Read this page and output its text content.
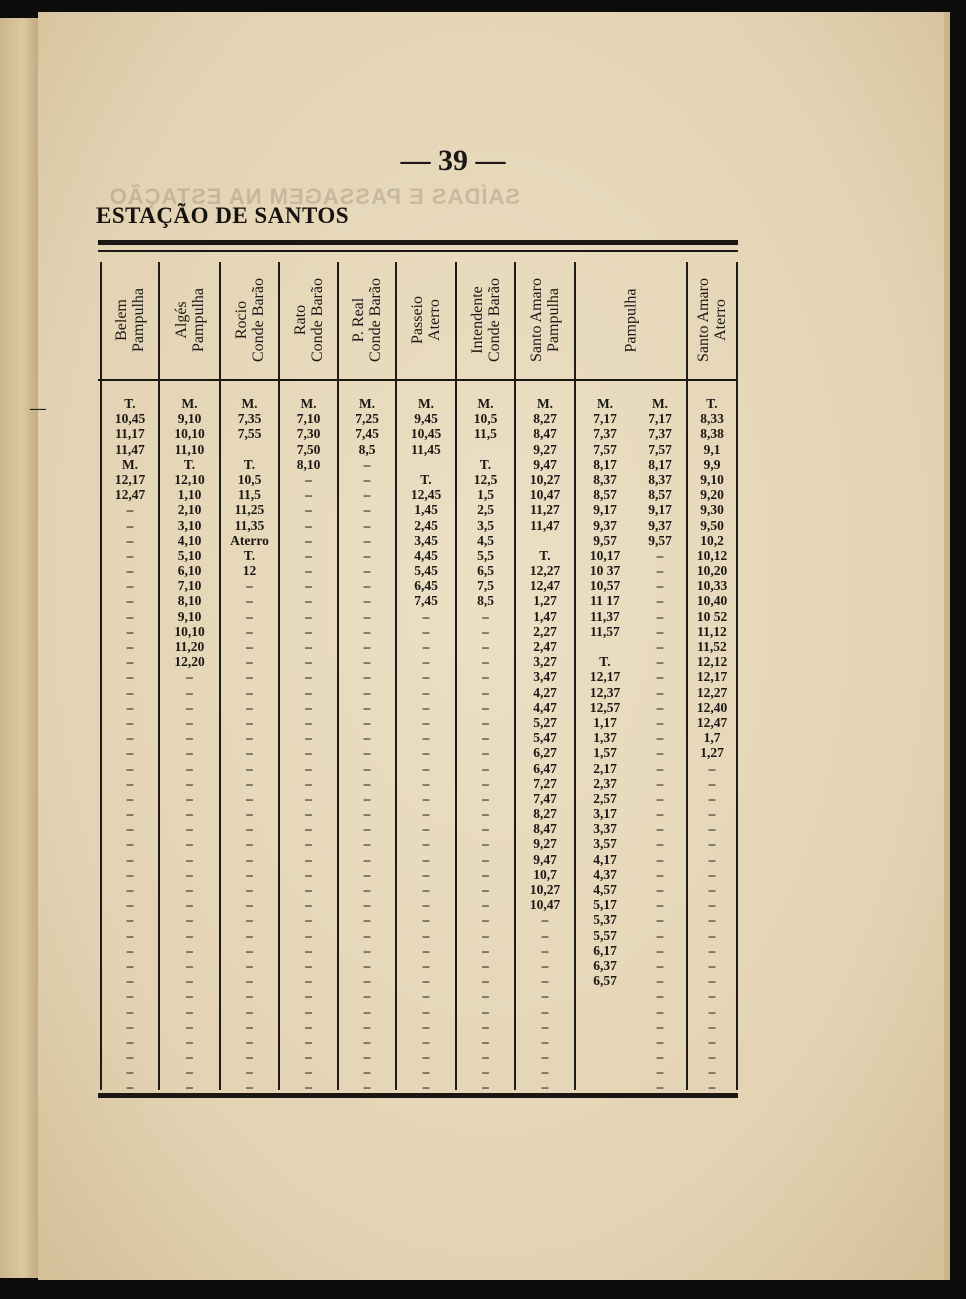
SAÍDAS E PASSAGEM NA ESTAÇÃO
— 39 —
ESTAÇÃO DE SANTOS
—
Belem
Pampulha Algés
Pampulha Rocio
Conde Barão
Rato
Conde Barão
P. Real
Conde Barão Passeio
Aterro Intendente
Conde Barão
Santo Amaro
Pampulha	Pampulha	Santo Amaro
Aterro
T.
10,45
11,17
11,47
M.
12,17
12,47
–
–
–
–
–
–
–
–
–
–
–
–
–
–
–
–
–
–
–
–
–
–
–
–
–
–
–
–
–
–
–
–
–
–
–
–
–
–
–
M.
9,10
10,10
11,10
T.
12,10
1,10
2,10
3,10
4,10
5,10
6,10
7,10
8,10
9,10
10,10
11,20
12,20
–
–
–
–
–
–
–
–
–
–
–
–
–
–
–
–
–
–
–
–
–
–
–
–
–
–
–
–
M.
7,35
7,55
T.
10,5
11,5
11,25
11,35
Aterro
T.
12
–
–
–
–
–
–
–
–
–
–
–
–
–
–
–
–
–
–
–
–
–
–
–
–
–
–
–
–
–
–
–
–
–
–
M.
7,10
7,30
7,50
8,10
–
–
–
–
–
–
–
–
–
–
–
–
–
–
–
–
–
–
–
–
–
–
–
–
–
–
–
–
–
–
–
–
–
–
–
–
–
–
–
–
–
M.
7,25
7,45
8,5
–
–
–
–
–
–
–
–
–
–
–
–
–
–
–
–
–
–
–
–
–
–
–
–
–
–
–
–
–
–
–
–
–
–
–
–
–
–
–
–
–
–
M.
9,45
10,45
11,45
T.
12,45
1,45
2,45
3,45
4,45
5,45
6,45
7,45
–
–
–
–
–
–
–
–
–
–
–
–
–
–
–
–
–
–
–
–
–
–
–
–
–
–
–
–
–
–
–
–
M.
10,5
11,5
T.
12,5
1,5
2,5
3,5
4,5
5,5
6,5
7,5
8,5
–
–
–
–
–
–
–
–
–
–
–
–
–
–
–
–
–
–
–
–
–
–
–
–
–
–
–
–
–
–
–
–
M.
8,27
8,47
9,27
9,47
10,27
10,47
11,27
11,47
T.
12,27
12,47
1,27
1,47
2,27
2,47
3,27
3,47
4,27
4,47
5,27
5,47
6,27
6,47
7,27
7,47
8,27
8,47
9,27
9,47
10,7
10,27
10,47
–
–
–
–
–
–
–
–
–
–
–
–
M.
7,17
7,37
7,57
8,17
8,37
8,57
9,17
9,37
9,57
10,17
10 37
10,57
11 17
11,37
11,57
T.
12,17
12,37
12,57
1,17
1,37
1,57
2,17
2,37
2,57
3,17
3,37
3,57
4,17
4,37
4,57
5,17
5,37
5,57
6,17
6,37
6,57
M.
7,17
7,37
7,57
8,17
8,37
8,57
9,17
9,37
9,57
–
–
–
–
–
–
–
–
–
–
–
–
–
–
–
–
–
–
–
–
–
–
–
–
–
–
–
–
–
–
–
–
–
–
–
–
T.
8,33
8,38
9,1
9,9
9,10
9,20
9,30
9,50
10,2
10,12
10,20
10,33
10,40
10 52
11,12
11,52
12,12
12,17
12,27
12,40
12,47
1,7
1,27
–
–
–
–
–
–
–
–
–
–
–
–
–
–
–
–
–
–
–
–
–
–
